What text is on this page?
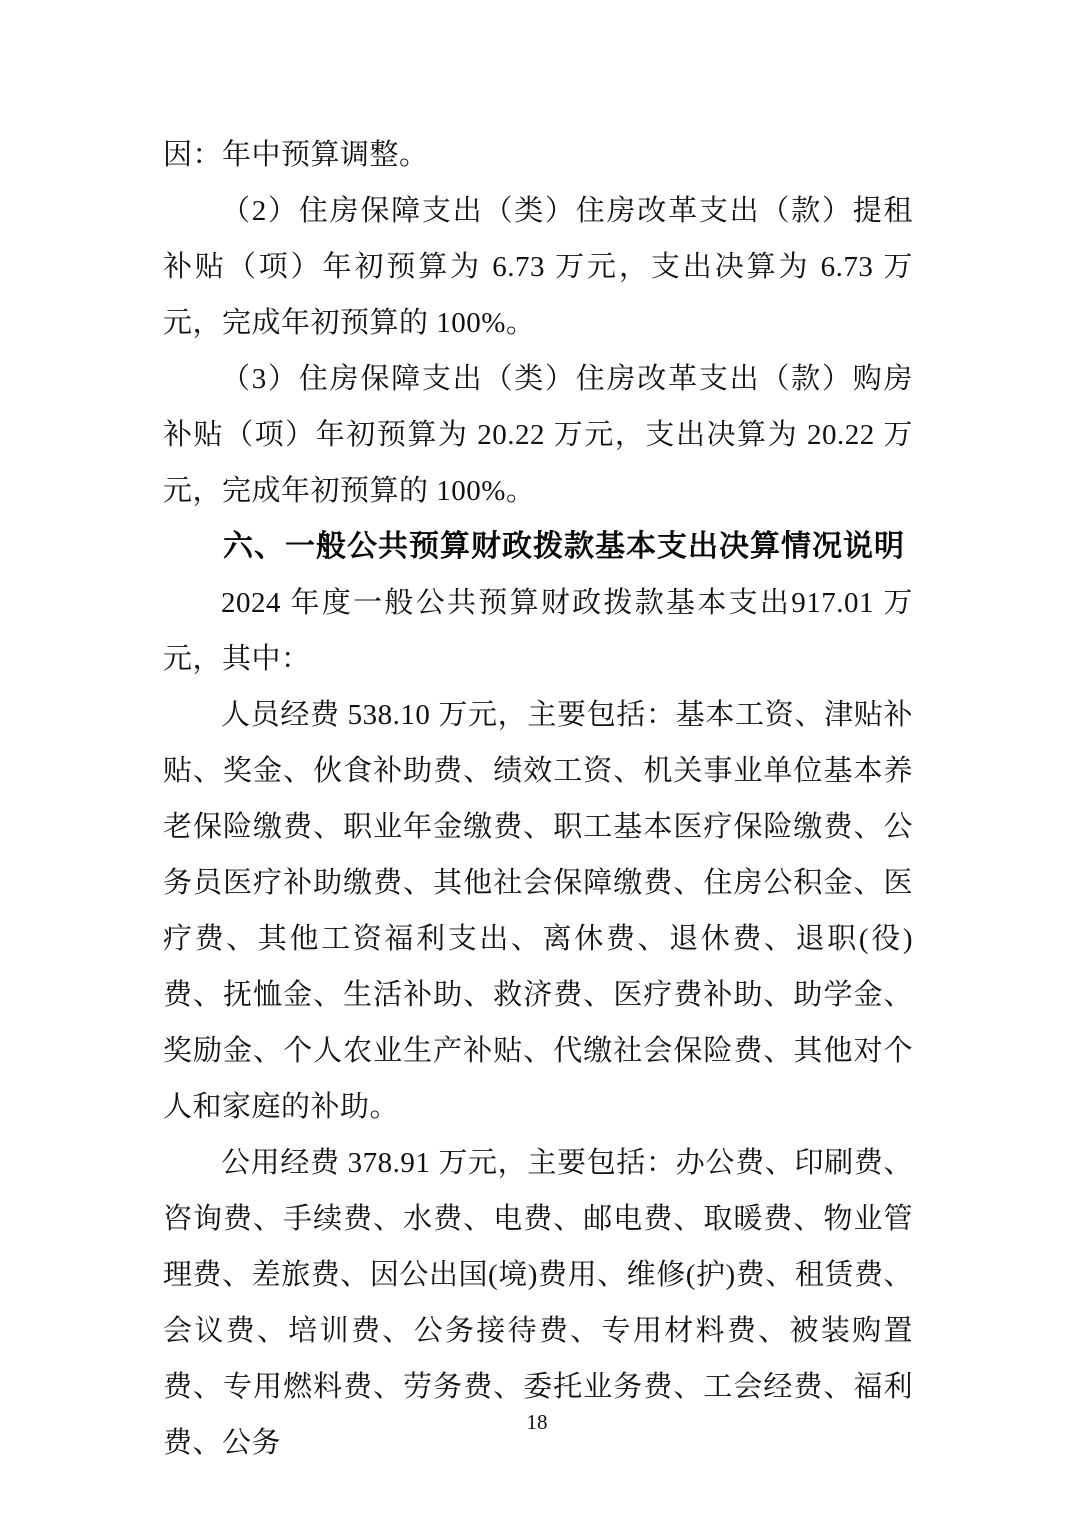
因：年中预算调整。

（2）住房保障支出（类）住房改革支出（款）提租补贴（项）年初预算为 6.73 万元，支出决算为 6.73 万元，完成年初预算的 100%。

（3）住房保障支出（类）住房改革支出（款）购房补贴（项）年初预算为 20.22 万元，支出决算为 20.22 万元，完成年初预算的 100%。

六、一般公共预算财政拨款基本支出决算情况说明

2024 年度一般公共预算财政拨款基本支出917.01 万元，其中：

人员经费 538.10 万元，主要包括：基本工资、津贴补贴、奖金、伙食补助费、绩效工资、机关事业单位基本养老保险缴费、职业年金缴费、职工基本医疗保险缴费、公务员医疗补助缴费、其他社会保障缴费、住房公积金、医疗费、其他工资福利支出、离休费、退休费、退职(役)费、抚恤金、生活补助、救济费、医疗费补助、助学金、奖励金、个人农业生产补贴、代缴社会保险费、其他对个人和家庭的补助。

公用经费 378.91 万元，主要包括：办公费、印刷费、咨询费、手续费、水费、电费、邮电费、取暖费、物业管理费、差旅费、因公出国(境)费用、维修(护)费、租赁费、会议费、培训费、公务接待费、专用材料费、被装购置费、专用燃料费、劳务费、委托业务费、工会经费、福利费、公务

18
